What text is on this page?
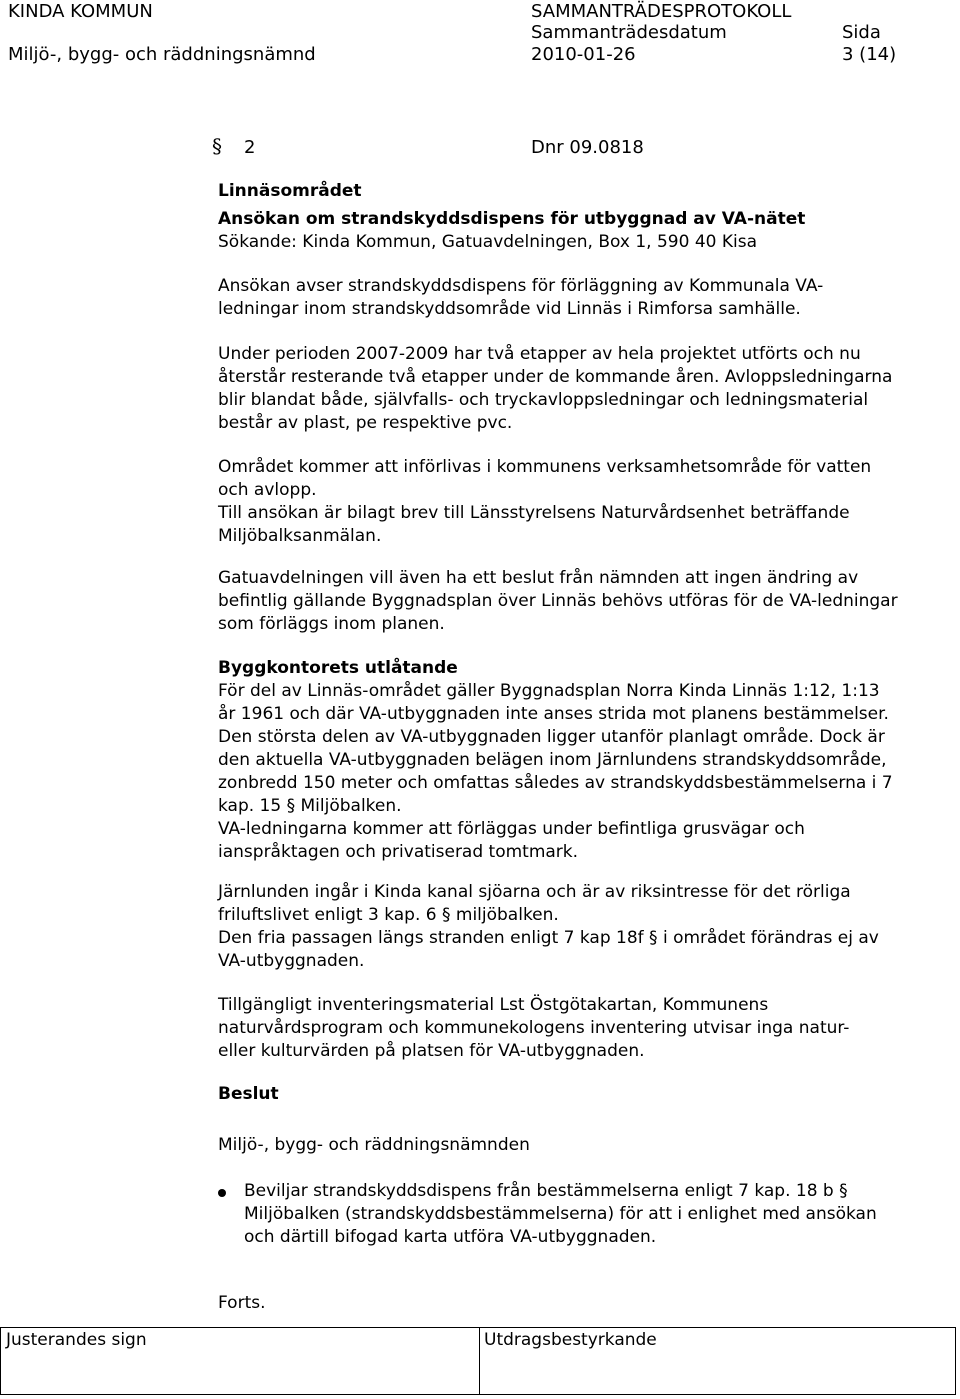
KINDA KOMMUN	SAMMANTRÄDESPROTOKOLL
Miljö-, bygg- och räddningsnämnd
Sammanträdesdatum
2010-01-26
Sida
3 (14)
§ 2	Dnr 09.0818
Linnäsområdet
Ansökan om strandskyddsdispens för utbyggnad av VA-nätet
Sökande: Kinda Kommun, Gatuavdelningen, Box 1, 590 40 Kisa
Ansökan avser strandskyddsdispens för förläggning av Kommunala VA-
ledningar inom strandskyddsområde vid Linnäs i Rimforsa samhälle.
Under perioden 2007-2009 har två etapper av hela projektet utförts och nu
återstår resterande två etapper under de kommande åren. Avloppsledningarna
blir blandat både, självfalls- och tryckavloppsledningar och ledningsmaterial
består av plast, pe respektive pvc.
Området kommer att införlivas i kommunens verksamhetsområde för vatten
och avlopp.
Till ansökan är bilagt brev till Länsstyrelsens Naturvårdsenhet beträffande
Miljöbalksanmälan.
Gatuavdelningen vill även ha ett beslut från nämnden att ingen ändring av
befintlig gällande Byggnadsplan över Linnäs behövs utföras för de VA-ledningar
som förläggs inom planen.
Byggkontorets utlåtande
För del av Linnäs-området gäller Byggnadsplan Norra Kinda Linnäs 1:12, 1:13
år 1961 och där VA-utbyggnaden inte anses strida mot planens bestämmelser.
Den största delen av VA-utbyggnaden ligger utanför planlagt område. Dock är
den aktuella VA-utbyggnaden belägen inom Järnlundens strandskyddsområde,
zonbredd 150 meter och omfattas således av strandskyddsbestämmelserna i 7
kap. 15 § Miljöbalken.
VA-ledningarna kommer att förläggas under befintliga grusvägar och
ianspråktagen och privatiserad tomtmark.
Järnlunden ingår i Kinda kanal sjöarna och är av riksintresse för det rörliga
friluftslivet enligt 3 kap. 6 § miljöbalken.
Den fria passagen längs stranden enligt 7 kap 18f § i området förändras ej av
VA-utbyggnaden.
Tillgängligt inventeringsmaterial Lst Östgötakartan, Kommunens
naturvårdsprogram och kommunekologens inventering utvisar inga natur-
eller kulturvärden på platsen för VA-utbyggnaden.
Beslut
Miljö-, bygg- och räddningsnämnden
Beviljar strandskyddsdispens från bestämmelserna enligt 7 kap. 18 b §
Miljöbalken (strandskyddsbestämmelserna) för att i enlighet med ansökan
och därtill bifogad karta utföra VA-utbyggnaden.
Forts.
Justerandes sign	Utdragsbestyrkande
